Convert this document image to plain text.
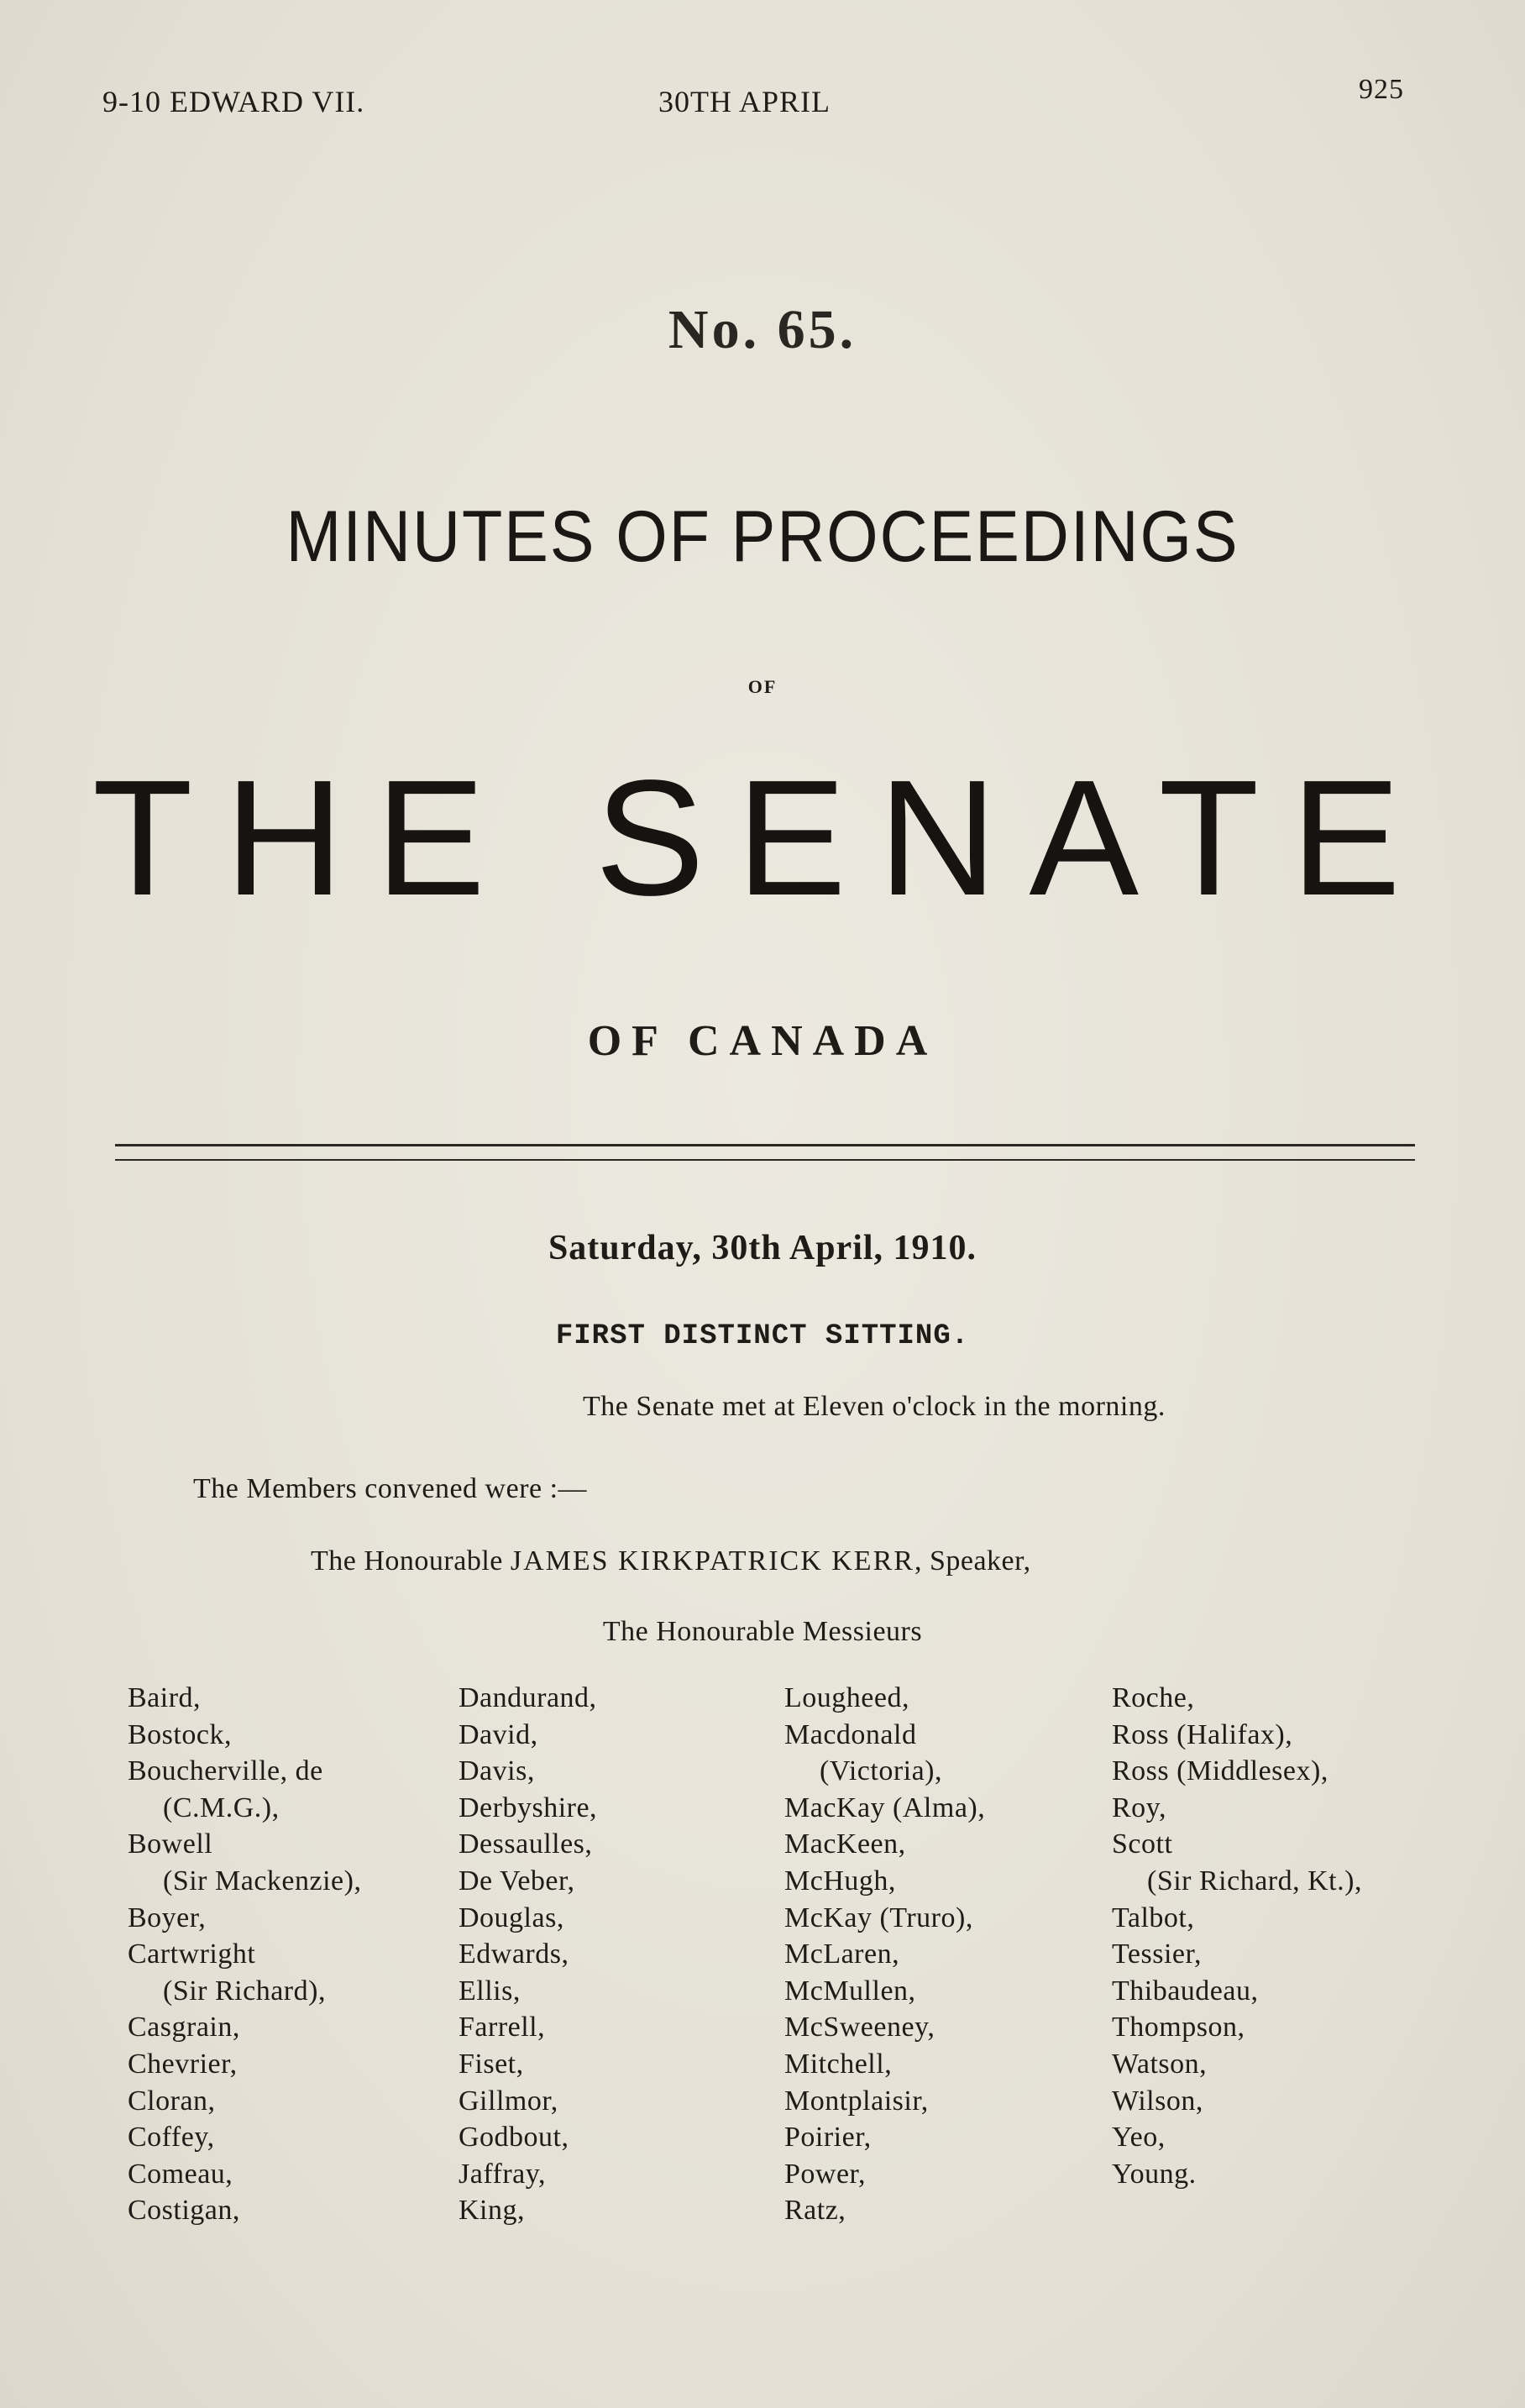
9-10 EDWARD VII.	30TH APRIL	925
No. 65.
MINUTES OF PROCEEDINGS
OF
THE SENATE
OF CANADA
Saturday, 30th April, 1910.
FIRST DISTINCT SITTING.
The Senate met at Eleven o'clock in the morning.
The Members convened were :—
The Honourable JAMES KIRKPATRICK KERR, Speaker,
The Honourable Messieurs
Baird,
Bostock,
Boucherville, de
(C.M.G.),
Bowell
(Sir Mackenzie),
Boyer,
Cartwright
(Sir Richard),
Casgrain,
Chevrier,
Cloran,
Coffey,
Comeau,
Costigan,
Dandurand,
David,
Davis,
Derbyshire,
Dessaulles,
De Veber,
Douglas,
Edwards,
Ellis,
Farrell,
Fiset,
Gillmor,
Godbout,
Jaffray,
King,
Lougheed,
Macdonald
(Victoria),
MacKay (Alma),
MacKeen,
McHugh,
McKay (Truro),
McLaren,
McMullen,
McSweeney,
Mitchell,
Montplaisir,
Poirier,
Power,
Ratz,
Roche,
Ross (Halifax),
Ross (Middlesex),
Roy,
Scott
(Sir Richard, Kt.),
Talbot,
Tessier,
Thibaudeau,
Thompson,
Watson,
Wilson,
Yeo,
Young.
